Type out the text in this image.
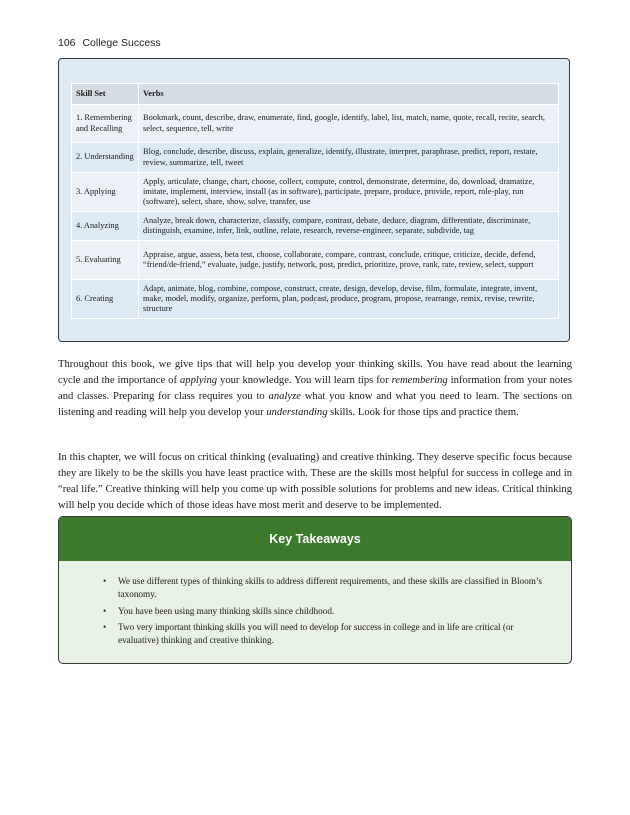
106 College Success
Skill Set	Verbs
1. Remembering and Recalling	Bookmark, count, describe, draw, enumerate, find, google, identify, label, list, match, name, quote, recall, recite, search, select, sequence, tell, write
2. Understanding	Blog, conclude, describe, discuss, explain, generalize, identify, illustrate, interpret, paraphrase, predict, report, restate, review, summarize, tell, tweet
3. Applying	Apply, articulate, change, chart, choose, collect, compute, control, demonstrate, determine, do, download, dramatize, imitate, implement, interview, install (as in software), participate, prepare, produce, provide, report, role-play, run (software), select, share, show, solve, transfer, use
4. Analyzing	Analyze, break down, characterize, classify, compare, contrast, debate, deduce, diagram, differentiate, discriminate, distinguish, examine, infer, link, outline, relate, research, reverse-engineer, separate, subdivide, tag
5. Evaluating	Appraise, argue, assess, beta test, choose, collaborate, compare, contrast, conclude, critique, criticize, decide, defend, “friend/de-friend,” evaluate, judge, justify, network, post, predict, prioritize, prove, rank, rate, review, select, support
6. Creating	Adapt, animate, blog, combine, compose, construct, create, design, develop, devise, film, formulate, integrate, invent, make, model, modify, organize, perform, plan, podcast, produce, program, propose, rearrange, remix, revise, rewrite, structure

Throughout this book, we give tips that will help you develop your thinking skills. You have read about the learning cycle and the importance of applying your knowledge. You will learn tips for remembering information from your notes and classes. Preparing for class requires you to analyze what you know and what you need to learn. The sections on listening and reading will help you develop your understanding skills. Look for those tips and practice them.

In this chapter, we will focus on critical thinking (evaluating) and creative thinking. They deserve specific focus because they are likely to be the skills you have least practice with. These are the skills most helpful for success in college and in “real life.” Creative thinking will help you come up with possible solutions for problems and new ideas. Critical thinking will help you decide which of those ideas have most merit and deserve to be implemented.

Key Takeaways
• We use different types of thinking skills to address different requirements, and these skills are classified in Bloom’s taxonomy.
• You have been using many thinking skills since childhood.
• Two very important thinking skills you will need to develop for success in college and in life are critical (or evaluative) thinking and creative thinking.
